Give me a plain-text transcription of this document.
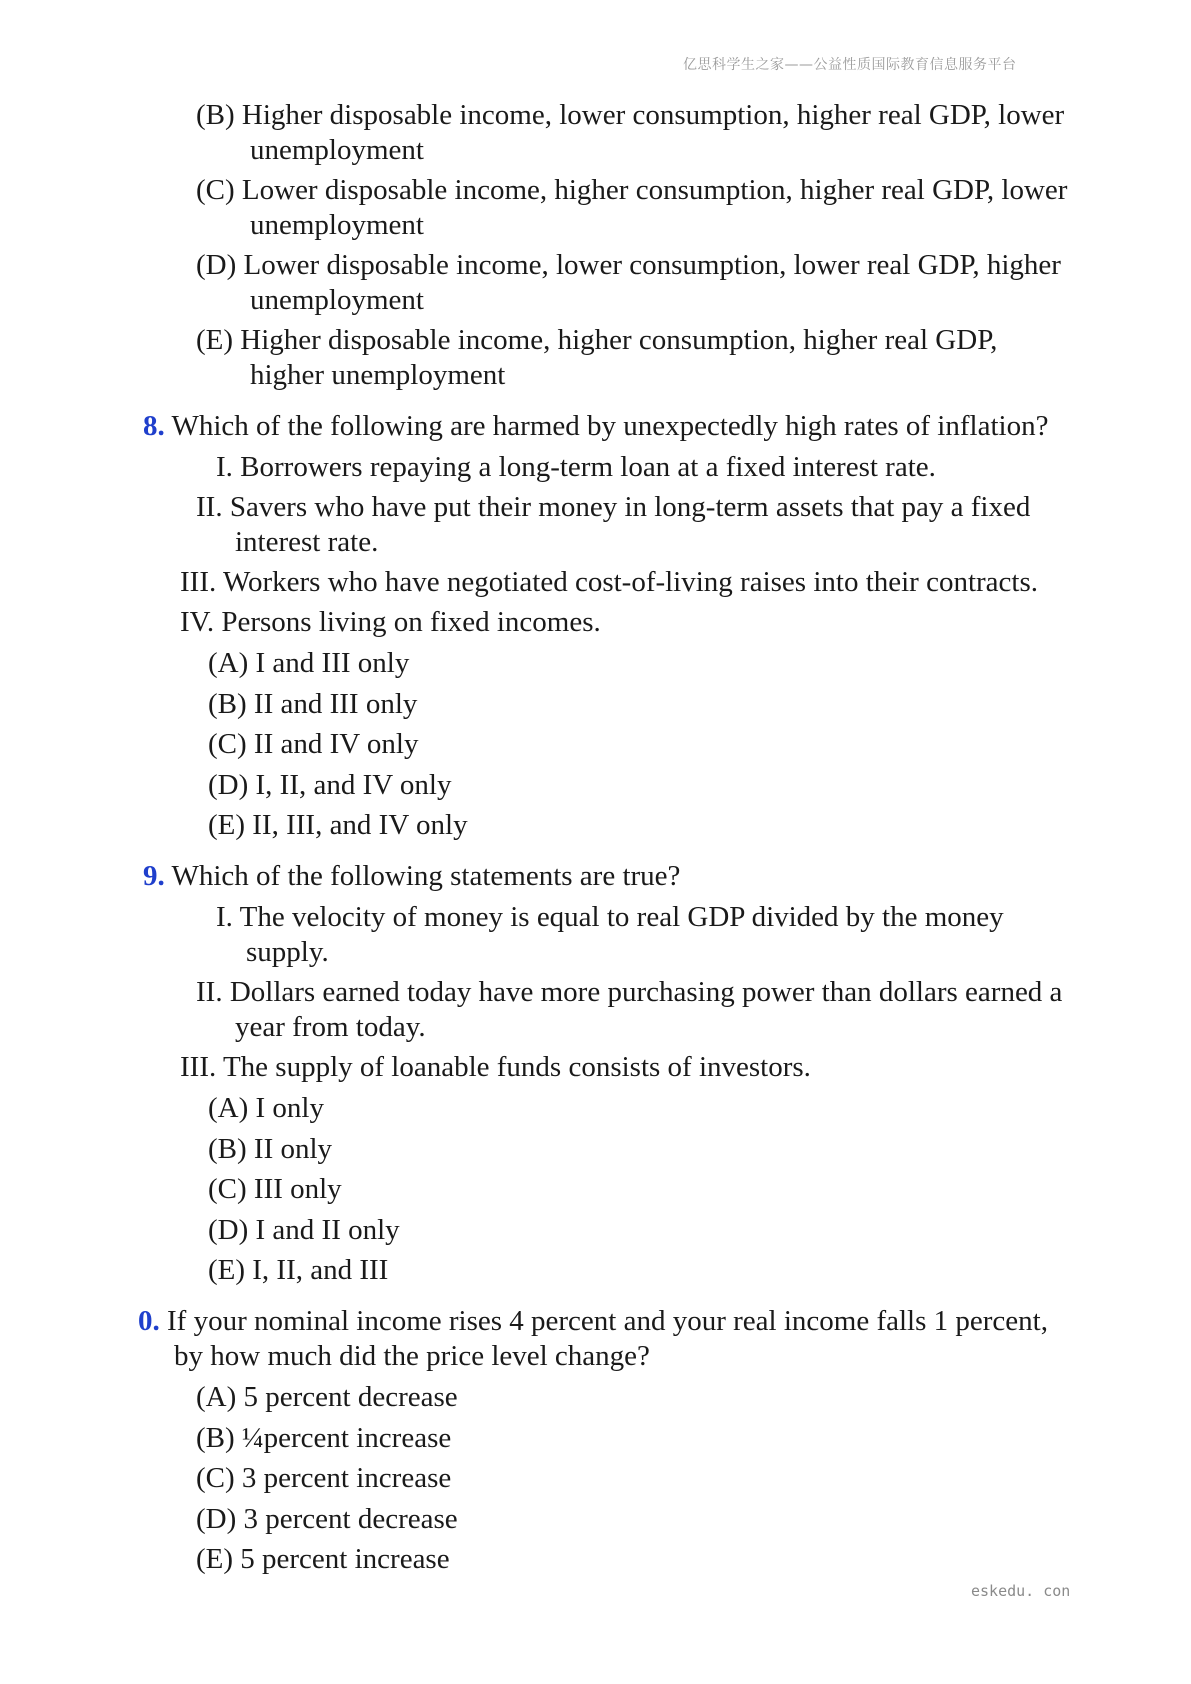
亿思科学生之家——公益性质国际教育信息服务平台
(B) Higher disposable income, lower consumption, higher real GDP, lower
unemployment
(C) Lower disposable income, higher consumption, higher real GDP, lower
unemployment
(D) Lower disposable income, lower consumption, lower real GDP, higher
unemployment
(E) Higher disposable income, higher consumption, higher real GDP,
higher unemployment
8. Which of the following are harmed by unexpectedly high rates of inflation?
I. Borrowers repaying a long-term loan at a fixed interest rate.
II. Savers who have put their money in long-term assets that pay a fixed
interest rate.
III. Workers who have negotiated cost-of-living raises into their contracts.
IV. Persons living on fixed incomes.
(A) I and III only
(B) II and III only
(C) II and IV only
(D) I, II, and IV only
(E) II, III, and IV only
9. Which of the following statements are true?
I. The velocity of money is equal to real GDP divided by the money
supply.
II. Dollars earned today have more purchasing power than dollars earned a
year from today.
III. The supply of loanable funds consists of investors.
(A) I only
(B) II only
(C) III only
(D) I and II only
(E) I, II, and III
0. If your nominal income rises 4 percent and your real income falls 1 percent,
by how much did the price level change?
(A) 5 percent decrease
(B) ¼percent increase
(C) 3 percent increase
(D) 3 percent decrease
(E) 5 percent increase
eskedu. con
